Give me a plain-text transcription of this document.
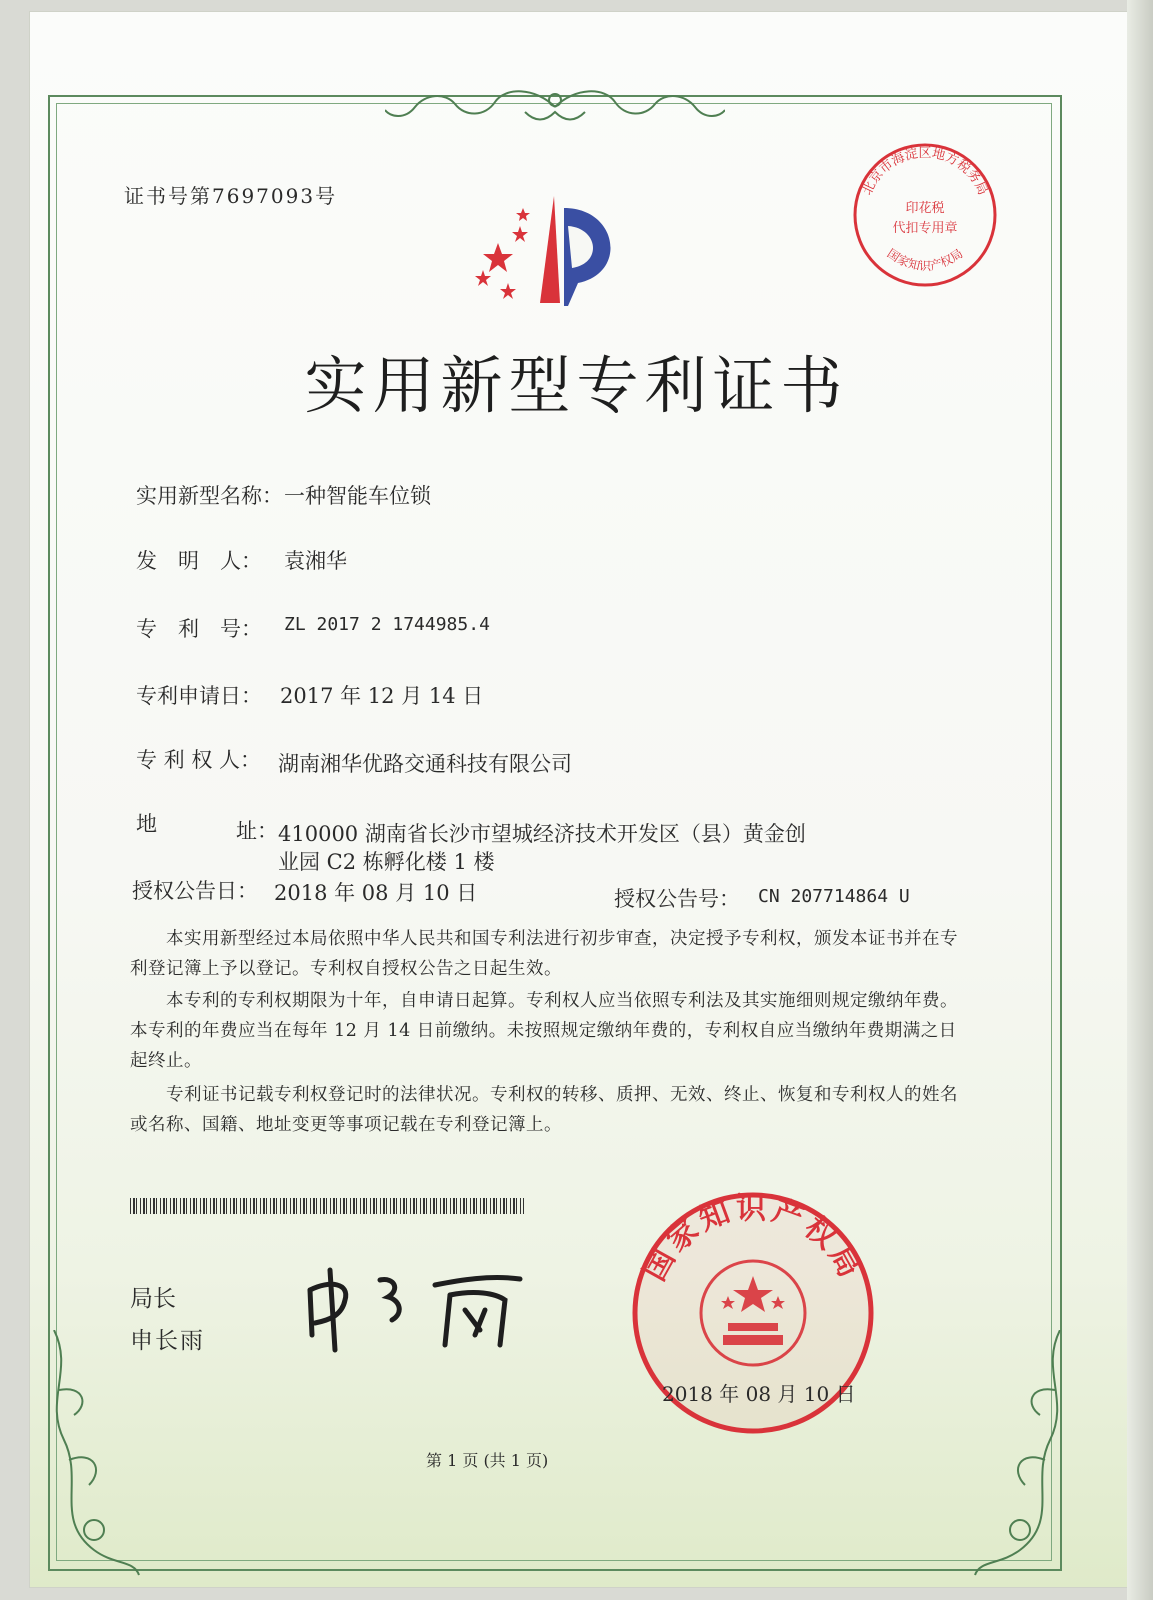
证书号第7697093号	北京市海淀区地方税务局
印花税
代扣专用章
国家知识产权局
实用新型专利证书
实用新型名称： 一种智能车位锁
发　明　人： 袁湘华
专　利　号： ZL 2017 2 1744985.4
专利申请日： 2017 年 12 月 14 日
专 利 权 人： 湖南湘华优路交通科技有限公司
地	址： 410000 湖南省长沙市望城经济技术开发区（县）黄金创
业园 C2 栋孵化楼 1 楼
授权公告日： 2018 年 08 月 10 日	授权公告号： CN 207714864 U
本实用新型经过本局依照中华人民共和国专利法进行初步审查，决定授予专利权，颁发本证书并在专利登记簿上予以登记。专利权自授权公告之日起生效。
本专利的专利权期限为十年，自申请日起算。专利权人应当依照专利法及其实施细则规定缴纳年费。本专利的年费应当在每年 12 月 14 日前缴纳。未按照规定缴纳年费的，专利权自应当缴纳年费期满之日起终止。
专利证书记载专利权登记时的法律状况。专利权的转移、质押、无效、终止、恢复和专利权人的姓名或名称、国籍、地址变更等事项记载在专利登记簿上。
局长
申长雨
国家知识产权局
2018 年 08 月 10 日
第 1 页 (共 1 页)
